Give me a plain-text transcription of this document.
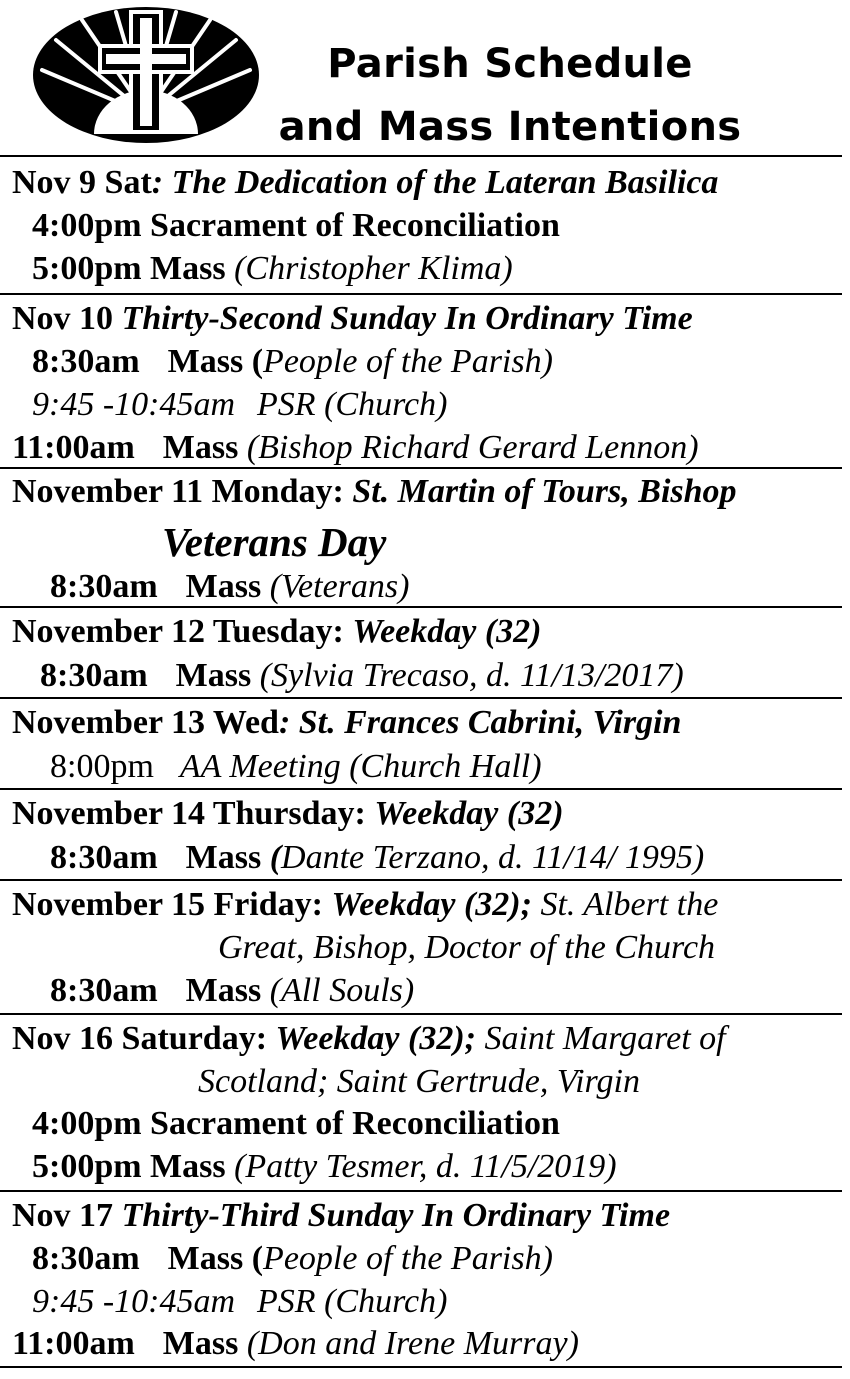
Parish Schedule
and Mass Intentions
Nov 9 Sat: The Dedication of the Lateran Basilica
4:00pm Sacrament of Reconciliation
5:00pm Mass (Christopher Klima)
Nov 10 Thirty-Second Sunday In Ordinary Time
8:30am Mass (People of the Parish)
9:45 -10:45am PSR (Church)
11:00am Mass (Bishop Richard Gerard Lennon)
November 11 Monday: St. Martin of Tours, Bishop
Veterans Day
8:30am Mass (Veterans)
November 12 Tuesday: Weekday (32)
8:30am Mass (Sylvia Trecaso, d. 11/13/2017)
November 13 Wed: St. Frances Cabrini, Virgin
8:00pm AA Meeting (Church Hall)
November 14 Thursday: Weekday (32)
8:30am Mass (Dante Terzano, d. 11/14/ 1995)
November 15 Friday: Weekday (32); St. Albert the
Great, Bishop, Doctor of the Church
8:30am Mass (All Souls)
Nov 16 Saturday: Weekday (32); Saint Margaret of
Scotland; Saint Gertrude, Virgin
4:00pm Sacrament of Reconciliation
5:00pm Mass (Patty Tesmer, d. 11/5/2019)
Nov 17 Thirty-Third Sunday In Ordinary Time
8:30am Mass (People of the Parish)
9:45 -10:45am PSR (Church)
11:00am Mass (Don and Irene Murray)
